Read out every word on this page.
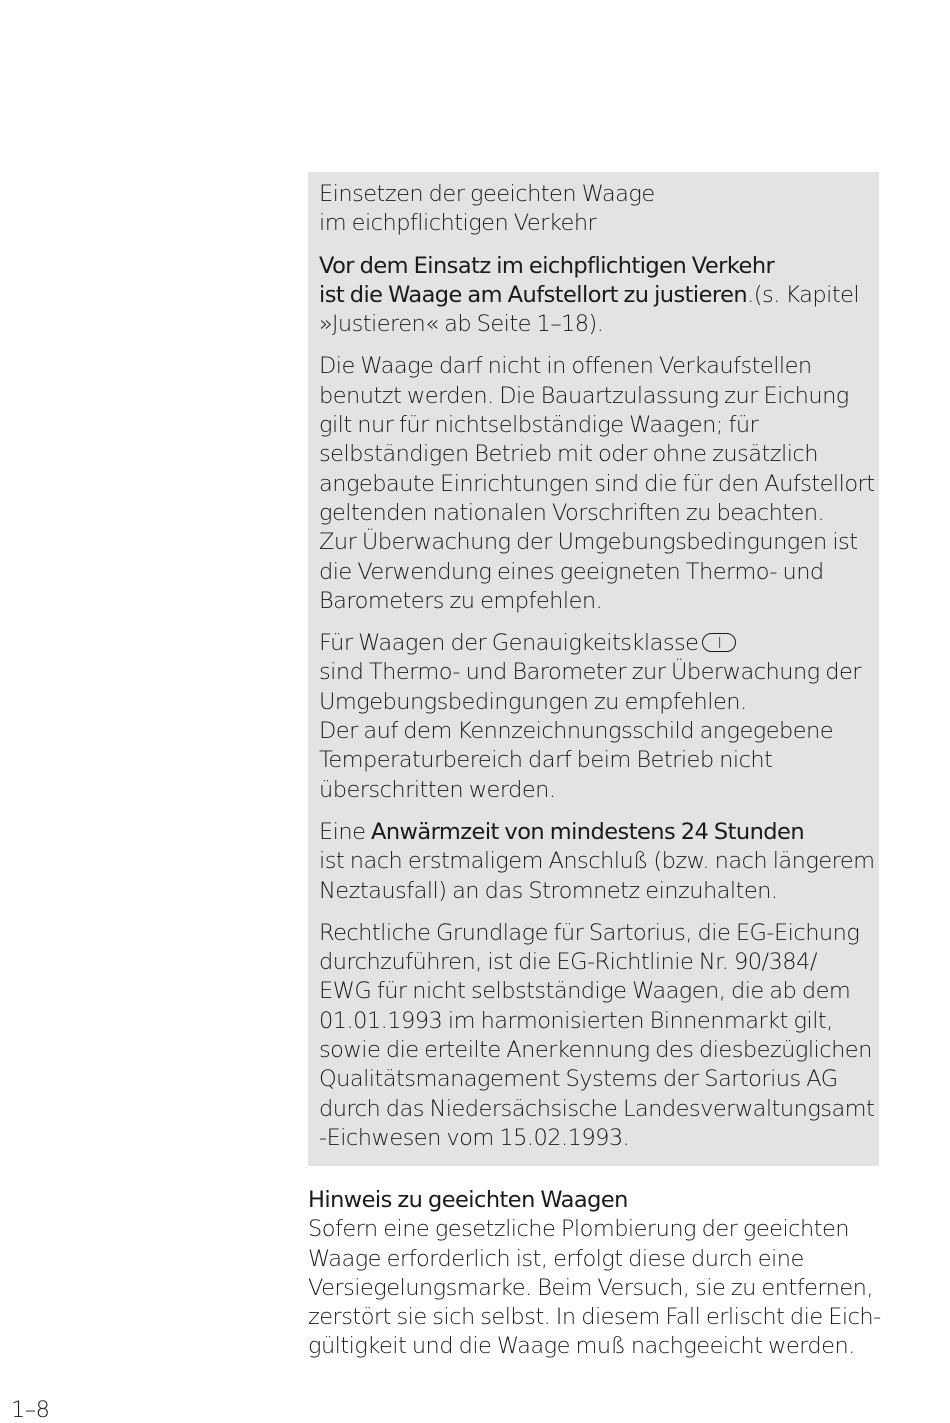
Einsetzen der geeichten Waage
im eichpflichtigen Verkehr

Vor dem Einsatz im eichpflichtigen Verkehr
ist die Waage am Aufstellort zu justieren.(s. Kapitel
»Justieren« ab Seite 1–18).

Die Waage darf nicht in offenen Verkaufstellen
benutzt werden. Die Bauartzulassung zur Eichung
gilt nur für nichtselbständige Waagen; für
selbständigen Betrieb mit oder ohne zusätzlich
angebaute Einrichtungen sind die für den Aufstellort
geltenden nationalen Vorschriften zu beachten.
Zur Überwachung der Umgebungsbedingungen ist
die Verwendung eines geeigneten Thermo- und
Barometers zu empfehlen.

Für Waagen der Genauigkeitsklasse I
sind Thermo- und Barometer zur Überwachung der
Umgebungsbedingungen zu empfehlen.
Der auf dem Kennzeichnungsschild angegebene
Temperaturbereich darf beim Betrieb nicht
überschritten werden.

Eine Anwärmzeit von mindestens 24 Stunden
ist nach erstmaligem Anschluß (bzw. nach längerem
Neztausfall) an das Stromnetz einzuhalten.

Rechtliche Grundlage für Sartorius, die EG-Eichung
durchzuführen, ist die EG-Richtlinie Nr. 90/384/
EWG für nicht selbstständige Waagen, die ab dem
01.01.1993 im harmonisierten Binnenmarkt gilt,
sowie die erteilte Anerkennung des diesbezüglichen
Qualitätsmanagement Systems der Sartorius AG
durch das Niedersächsische Landesverwaltungsamt
-Eichwesen vom 15.02.1993.

Hinweis zu geeichten Waagen
Sofern eine gesetzliche Plombierung der geeichten
Waage erforderlich ist, erfolgt diese durch eine
Versiegelungsmarke. Beim Versuch, sie zu entfernen,
zerstört sie sich selbst. In diesem Fall erlischt die Eich-
gültigkeit und die Waage muß nachgeeicht werden.

1–8
